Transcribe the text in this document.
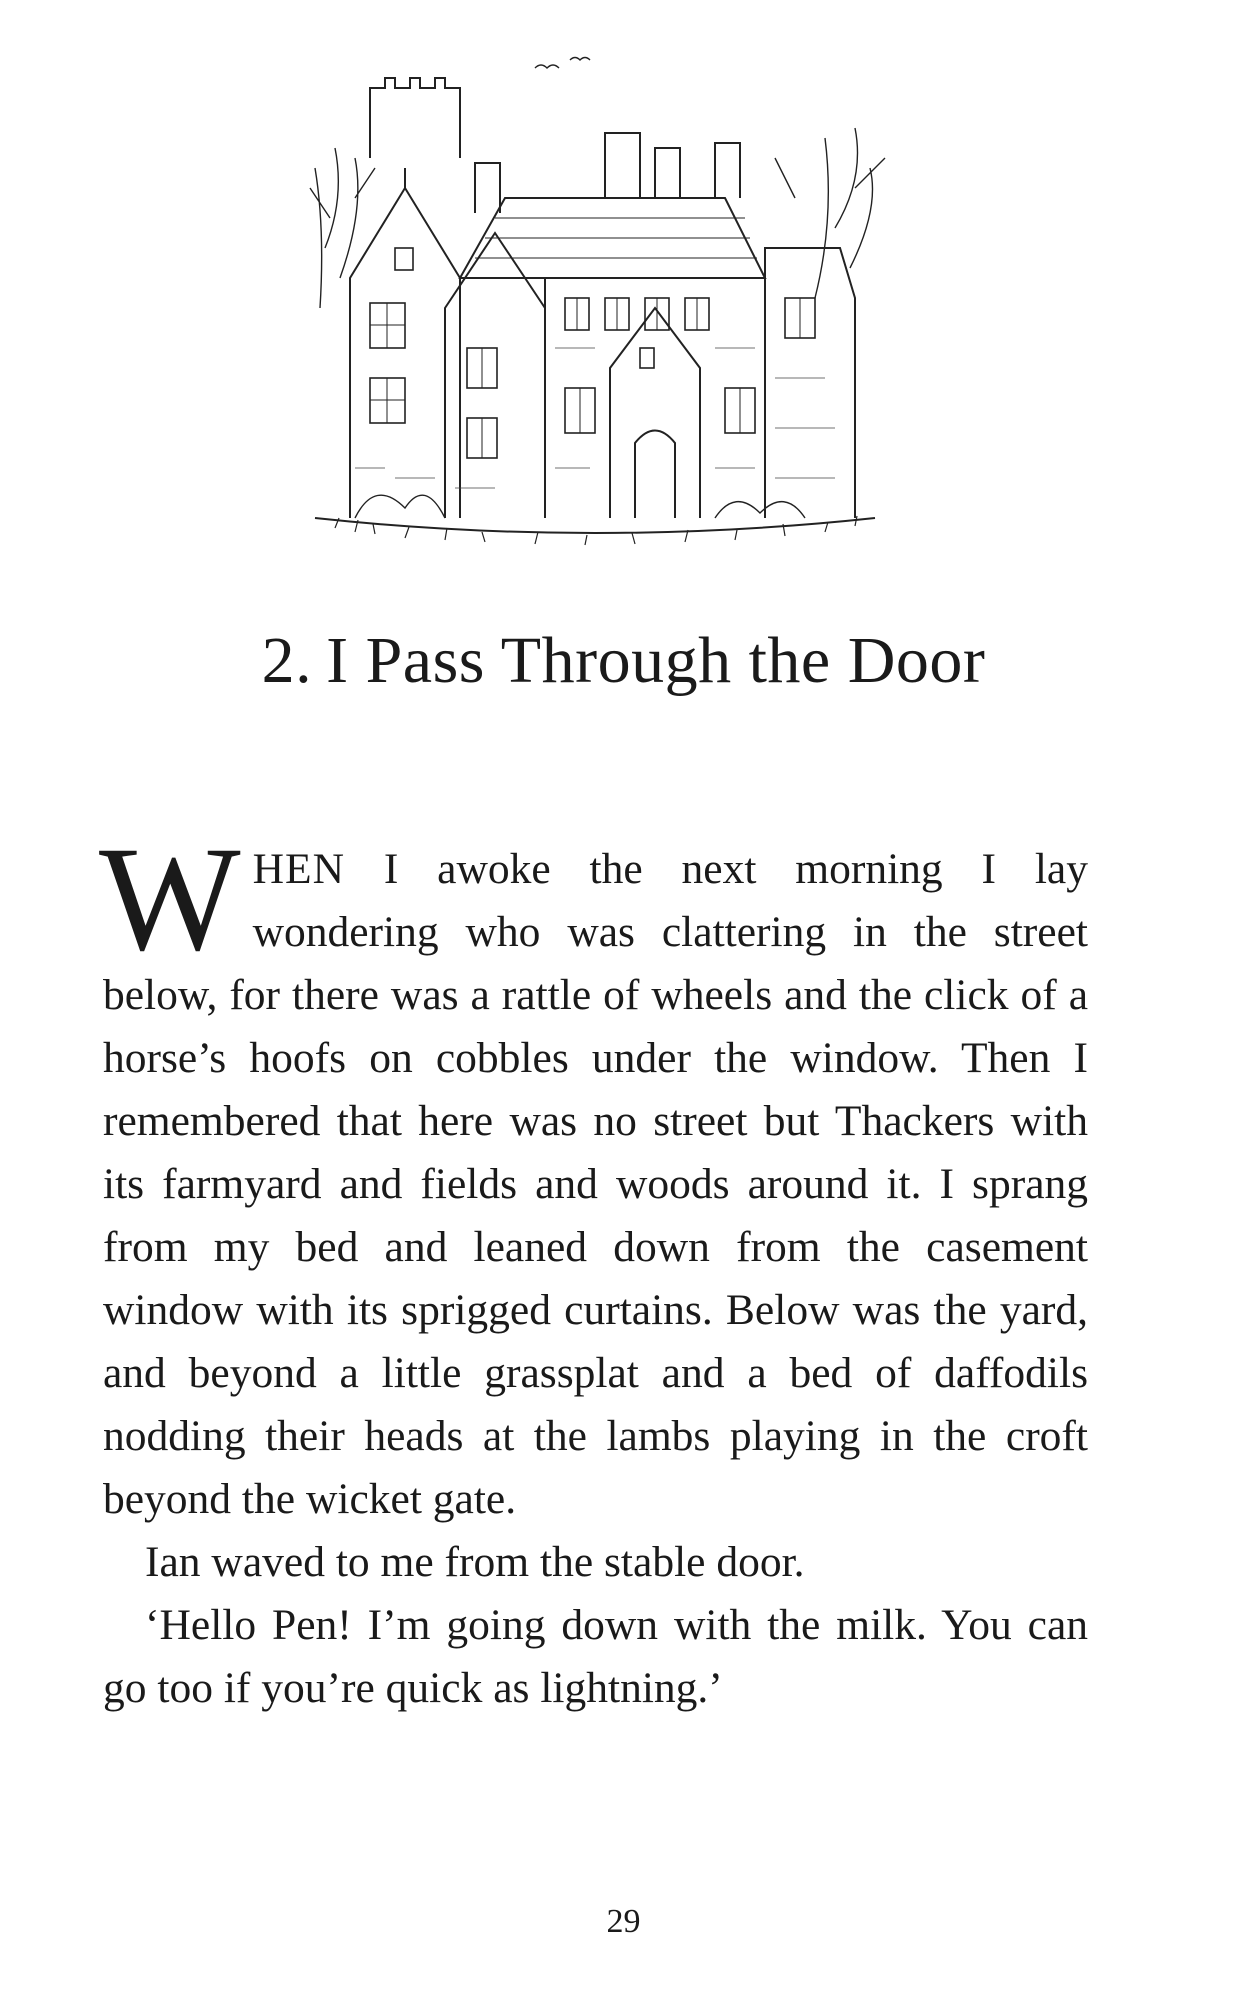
2. I Pass Through the Door

WHEN I awoke the next morning I lay wondering who was clattering in the street below, for there was a rattle of wheels and the click of a horse’s hoofs on cobbles under the window. Then I remembered that here was no street but Thackers with its farmyard and fields and woods around it. I sprang from my bed and leaned down from the casement window with its sprigged curtains. Below was the yard, and beyond a little grassplat and a bed of daffodils nodding their heads at the lambs playing in the croft beyond the wicket gate.

Ian waved to me from the stable door.

‘Hello Pen! I’m going down with the milk. You can go too if you’re quick as lightning.’

29
